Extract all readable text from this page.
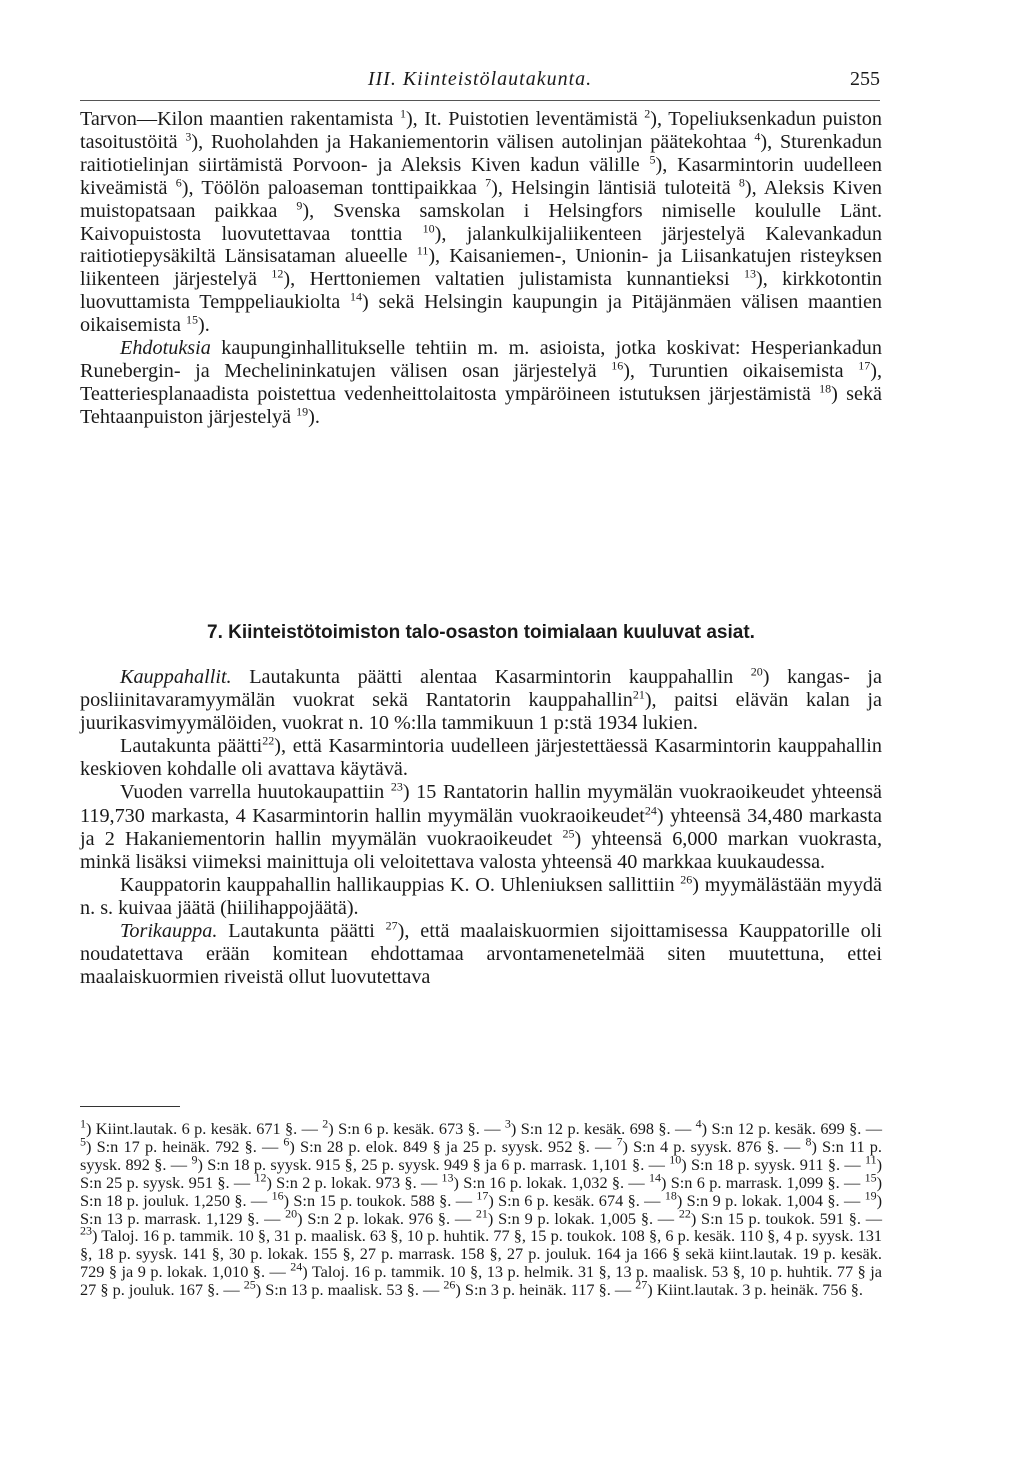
III. Kiinteistölautakunta.	255

Tarvon—Kilon maantien rakentamista $^1$), It. Puistotien leventämistä $^2$), Topeliuksenkadun puiston tasoitustöitä $^3$), Ruoholahden ja Hakaniementorin välisen autolinjan päätekohtaa $^4$), Sturenkadun raitiotielinjan siirtämistä Porvoon- ja Aleksis Kiven kadun välille $^5$), Kasarmintorin uudelleen kiveämistä $^6$), Töölön paloaseman tonttipaikkaa $^7$), Helsingin läntisiä tuloteitä $^8$), Aleksis Kiven muistopatsaan paikkaa $^9$), Svenska samskolan i Helsingfors nimiselle koululle Länt. Kaivopuistosta luovutettavaa tonttia $^{10}$), jalankulkijaliikenteen järjestelyä Kalevankadun raitiotiepysäkiltä Länsisataman alueelle $^{11}$), Kaisaniemen-, Unionin- ja Liisankatujen risteyksen liikenteen järjestelyä $^{12}$), Herttoniemen valtatien julistamista kunnantieksi $^{13}$), kirkkotontin luovuttamista Temppeliaukiolta $^{14}$) sekä Helsingin kaupungin ja Pitäjänmäen välisen maantien oikaisemista $^{15}$).

Ehdotuksia kaupunginhallitukselle tehtiin m. m. asioista, jotka koskivat: Hesperiankadun Runebergin- ja Mechelininkatujen välisen osan järjestelyä $^{16}$), Turuntien oikaisemista $^{17}$), Teatteriesplanaadista poistettua vedenheittolaitosta ympäröineen istutuksen järjestämistä $^{18}$) sekä Tehtaanpuiston järjestelyä $^{19}$).

7. Kiinteistötoimiston talo-osaston toimialaan kuuluvat asiat.

Kauppahallit. Lautakunta päätti alentaa Kasarmintorin kauppahallin $^{20}$) kangas- ja posliinitavaramyymälän vuokrat sekä Rantatorin kauppahallin$^{21}$), paitsi elävän kalan ja juurikasvimyymälöiden, vuokrat n. 10 %:lla tammikuun 1 p:stä 1934 lukien.

Lautakunta päätti$^{22}$), että Kasarmintoria uudelleen järjestettäessä Kasarmintorin kauppahallin keskioven kohdalle oli avattava käytävä.

Vuoden varrella huutokaupattiin $^{23}$) 15 Rantatorin hallin myymälän vuokraoikeudet yhteensä 119,730 markasta, 4 Kasarmintorin hallin myymälän vuokraoikeudet$^{24}$) yhteensä 34,480 markasta ja 2 Hakaniementorin hallin myymälän vuokraoikeudet $^{25}$) yhteensä 6,000 markan vuokrasta, minkä lisäksi viimeksi mainittuja oli veloitettava valosta yhteensä 40 markkaa kuukaudessa.

Kauppatorin kauppahallin hallikauppias K. O. Uhleniuksen sallittiin $^{26}$) myymälästään myydä n. s. kuivaa jäätä (hiilihappojäätä).

Torikauppa. Lautakunta päätti $^{27}$), että maalaiskuormien sijoittamisessa Kauppatorille oli noudatettava erään komitean ehdottamaa arvontamenetelmää siten muutettuna, ettei maalaiskuormien riveistä ollut luovutettava

$^1$) Kiint.lautak. 6 p. kesäk. 671 §. — $^2$) S:n 6 p. kesäk. 673 §. — $^3$) S:n 12 p. kesäk. 698 §. — $^4$) S:n 12 p. kesäk. 699 §. — $^5$) S:n 17 p. heinäk. 792 §. — $^6$) S:n 28 p. elok. 849 § ja 25 p. syysk. 952 §. — $^7$) S:n 4 p. syysk. 876 §. — $^8$) S:n 11 p. syysk. 892 §. — $^9$) S:n 18 p. syysk. 915 §, 25 p. syysk. 949 § ja 6 p. marrask. 1,101 §. — $^{10}$) S:n 18 p. syysk. 911 §. — $^{11}$) S:n 25 p. syysk. 951 §. — $^{12}$) S:n 2 p. lokak. 973 §. — $^{13}$) S:n 16 p. lokak. 1,032 §. — $^{14}$) S:n 6 p. marrask. 1,099 §. — $^{15}$) S:n 18 p. jouluk. 1,250 §. — $^{16}$) S:n 15 p. toukok. 588 §. — $^{17}$) S:n 6 p. kesäk. 674 §. — $^{18}$) S:n 9 p. lokak. 1,004 §. — $^{19}$) S:n 13 p. marrask. 1,129 §. — $^{20}$) S:n 2 p. lokak. 976 §. — $^{21}$) S:n 9 p. lokak. 1,005 §. — $^{22}$) S:n 15 p. toukok. 591 §. — $^{23}$) Taloj. 16 p. tammik. 10 §, 31 p. maalisk. 63 §, 10 p. huhtik. 77 §, 15 p. toukok. 108 §, 6 p. kesäk. 110 §, 4 p. syysk. 131 §, 18 p. syysk. 141 §, 30 p. lokak. 155 §, 27 p. marrask. 158 §, 27 p. jouluk. 164 ja 166 § sekä kiint.lautak. 19 p. kesäk. 729 § ja 9 p. lokak. 1,010 §. — $^{24}$) Taloj. 16 p. tammik. 10 §, 13 p. helmik. 31 §, 13 p. maalisk. 53 §, 10 p. huhtik. 77 § ja 27 § p. jouluk. 167 §. — $^{25}$) S:n 13 p. maalisk. 53 §. — $^{26}$) S:n 3 p. heinäk. 117 §. — $^{27}$) Kiint.lautak. 3 p. heinäk. 756 §.
